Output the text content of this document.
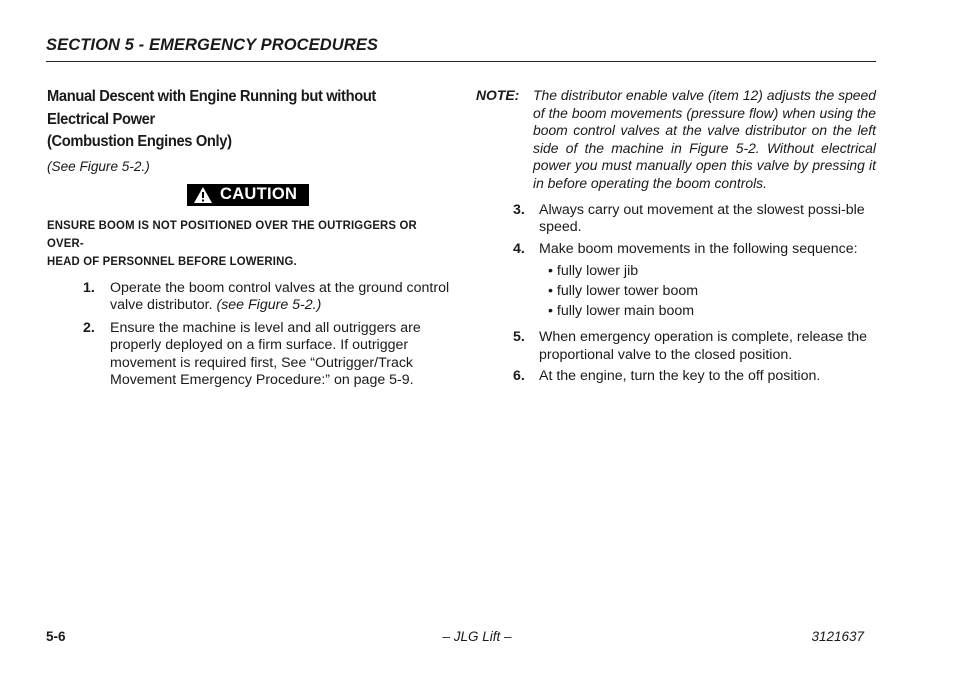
SECTION 5 - EMERGENCY PROCEDURES
Manual Descent with Engine Running but without
Electrical Power
(Combustion Engines Only)
(See Figure 5-2.)
CAUTION
ENSURE BOOM IS NOT POSITIONED OVER THE OUTRIGGERS OR OVER-
HEAD OF PERSONNEL BEFORE LOWERING.
1. Operate the boom control valves at the ground control valve distributor. (see Figure 5-2.)
2. Ensure the machine is level and all outriggers are properly deployed on a firm surface. If outrigger movement is required first, See “Outrigger/Track Movement Emergency Procedure:” on page 5-9.
NOTE: The distributor enable valve (item 12) adjusts the speed of the boom movements (pressure flow) when using the boom control valves at the valve distributor on the left side of the machine in Figure 5-2. Without electrical power you must manually open this valve by pressing it in before operating the boom controls.
3. Always carry out movement at the slowest possi-ble speed.
4. Make boom movements in the following sequence:
• fully lower jib
• fully lower tower boom
• fully lower main boom
5. When emergency operation is complete, release the proportional valve to the closed position.
6. At the engine, turn the key to the off position.
5-6	– JLG Lift –	3121637
